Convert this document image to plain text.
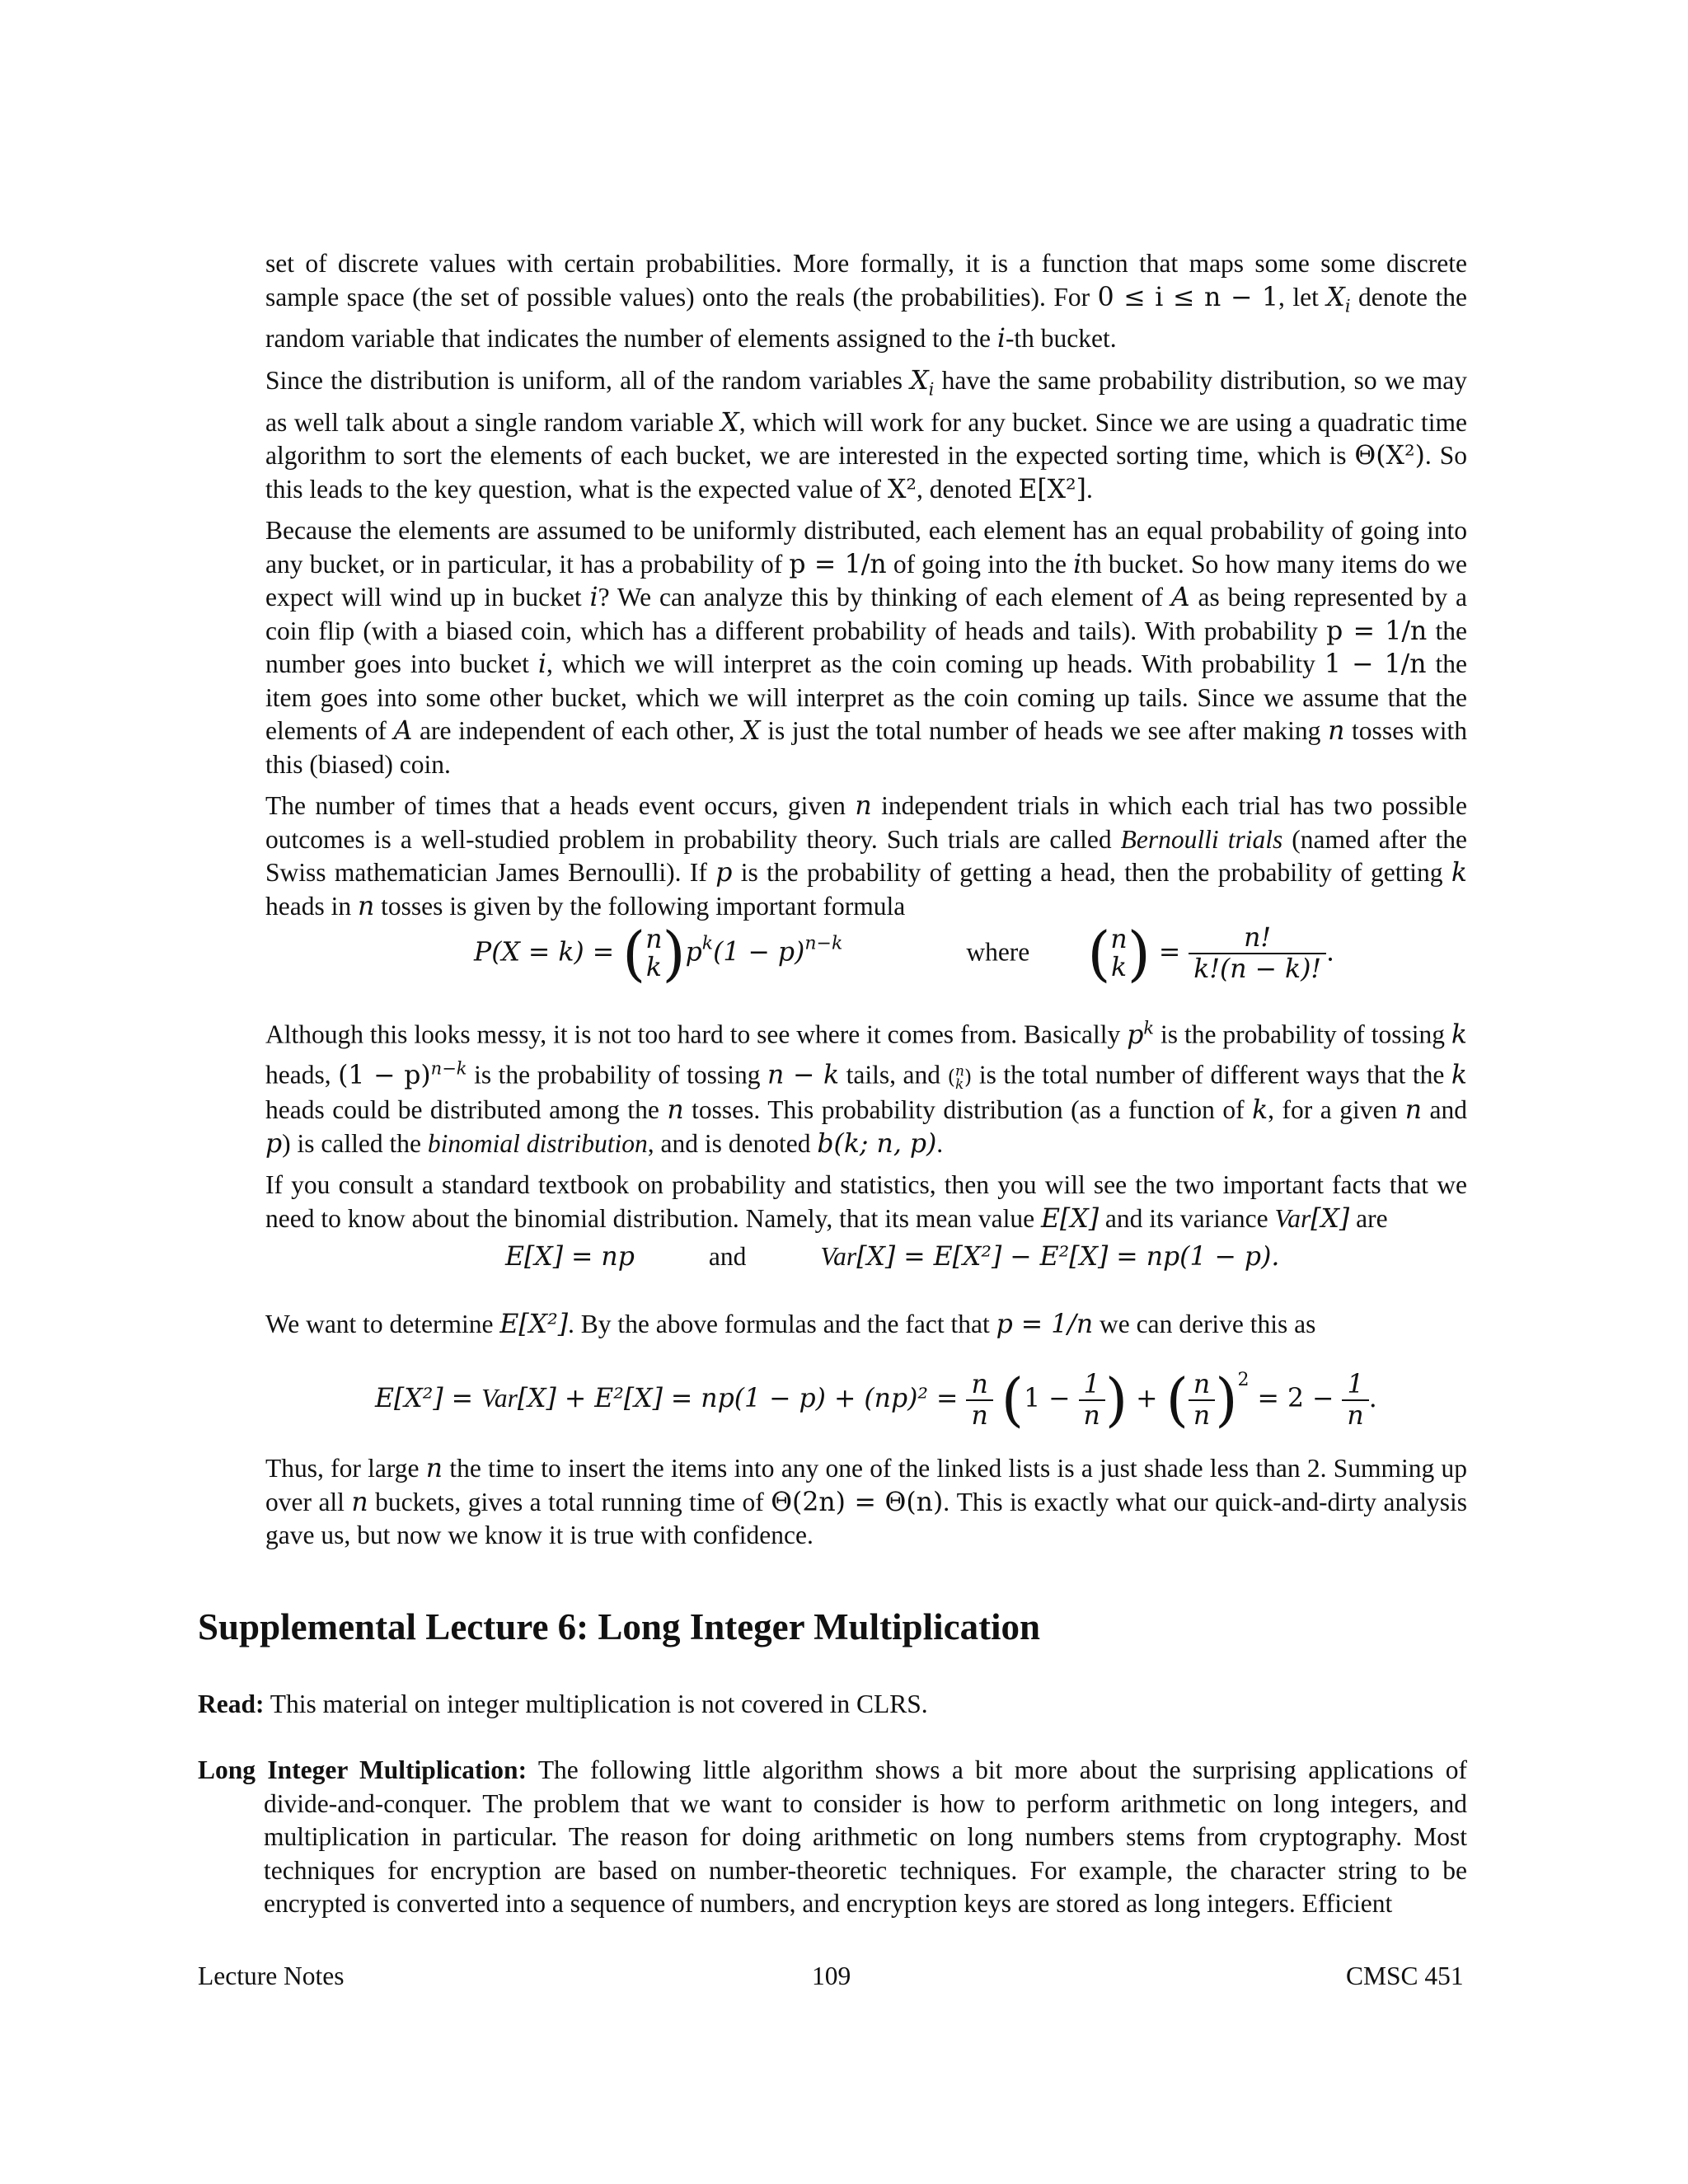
set of discrete values with certain probabilities. More formally, it is a function that maps some some discrete sample space (the set of possible values) onto the reals (the probabilities). For 0 ≤ i ≤ n − 1, let $X_i$ denote the random variable that indicates the number of elements assigned to the i-th bucket.

Since the distribution is uniform, all of the random variables $X_i$ have the same probability distribution, so we may as well talk about a single random variable X, which will work for any bucket. Since we are using a quadratic time algorithm to sort the elements of each bucket, we are interested in the expected sorting time, which is Θ(X²). So this leads to the key question, what is the expected value of X², denoted E[X²].

Because the elements are assumed to be uniformly distributed, each element has an equal probability of going into any bucket, or in particular, it has a probability of p = 1/n of going into the ith bucket. So how many items do we expect will wind up in bucket i? We can analyze this by thinking of each element of A as being represented by a coin flip (with a biased coin, which has a different probability of heads and tails). With probability p = 1/n the number goes into bucket i, which we will interpret as the coin coming up heads. With probability 1 − 1/n the item goes into some other bucket, which we will interpret as the coin coming up tails. Since we assume that the elements of A are independent of each other, X is just the total number of heads we see after making n tosses with this (biased) coin.

The number of times that a heads event occurs, given n independent trials in which each trial has two possible outcomes is a well-studied problem in probability theory. Such trials are called Bernoulli trials (named after the Swiss mathematician James Bernoulli). If p is the probability of getting a head, then the probability of getting k heads in n tosses is given by the following important formula

P(X = k) = ( n
k )$p^k(1 - p)^{n-k}$	where ( n
k ) = $\frac{n!}{k!(n - k)!}$ .

Although this looks messy, it is not too hard to see where it comes from. Basically $p^k$ is the probability of tossing k heads, $(1 - p)^{n-k}$ is the probability of tossing n − k tails, and ( n
k ) is the total number of different ways that the k heads could be distributed among the n tosses. This probability distribution (as a function of k, for a given n and p) is called the binomial distribution, and is denoted b(k; n, p).

If you consult a standard textbook on probability and statistics, then you will see the two important facts that we need to know about the binomial distribution. Namely, that its mean value E[X] and its variance Var[X] are

E[X] = np	and	Var[X] = E[X²] − E²[X] = np(1 − p).

We want to determine E[X²]. By the above formulas and the fact that p = 1/n we can derive this as

$E[X^2] = Var[X] + E^2[X] = np(1 - p) + (np)^2 = \frac{n}{n} (1 - \frac{1}{n}$ ) + ( $\frac{n}{n} )^2 = 2 - \frac{1}{n}$ .

Thus, for large n the time to insert the items into any one of the linked lists is a just shade less than 2. Summing up over all n buckets, gives a total running time of Θ(2n) = Θ(n). This is exactly what our quick-and-dirty analysis gave us, but now we know it is true with confidence.

Supplemental Lecture 6: Long Integer Multiplication
Read: This material on integer multiplication is not covered in CLRS.

Long Integer Multiplication: The following little algorithm shows a bit more about the surprising applications of divide-and-conquer. The problem that we want to consider is how to perform arithmetic on long integers, and multiplication in particular. The reason for doing arithmetic on long numbers stems from cryptography. Most techniques for encryption are based on number-theoretic techniques. For example, the character string to be encrypted is converted into a sequence of numbers, and encryption keys are stored as long integers. Efficient

Lecture Notes	109	CMSC 451
